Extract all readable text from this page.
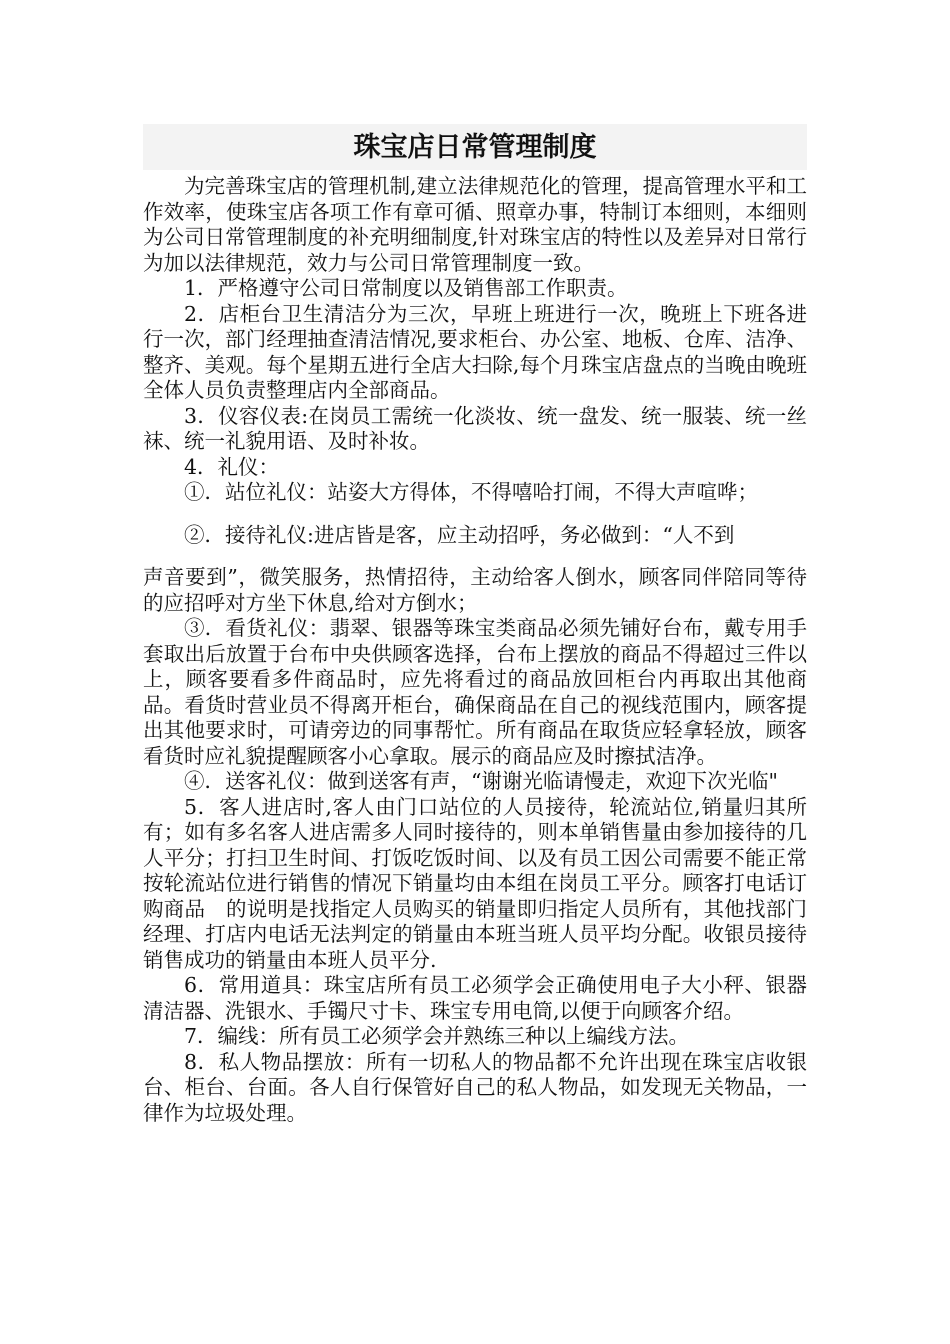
珠宝店日常管理制度

为完善珠宝店的管理机制,建立法律规范化的管理，提高管理水平和工作效率，使珠宝店各项工作有章可循、照章办事，特制订本细则，本细则为公司日常管理制度的补充明细制度,针对珠宝店的特性以及差异对日常行为加以法律规范，效力与公司日常管理制度一致。

1．严格遵守公司日常制度以及销售部工作职责。

2．店柜台卫生清洁分为三次，早班上班进行一次，晚班上下班各进行一次，部门经理抽查清洁情况,要求柜台、办公室、地板、仓库、洁净、整齐、美观。每个星期五进行全店大扫除,每个月珠宝店盘点的当晚由晚班全体人员负责整理店内全部商品。

3．仪容仪表:在岗员工需统一化淡妆、统一盘发、统一服装、统一丝袜、统一礼貌用语、及时补妆。

4．礼仪：

①．站位礼仪：站姿大方得体，不得嘻哈打闹，不得大声喧哗；

②．接待礼仪:进店皆是客，应主动招呼，务必做到：“人不到

声音要到”，微笑服务，热情招待，主动给客人倒水，顾客同伴陪同等待的应招呼对方坐下休息,给对方倒水；

③．看货礼仪：翡翠、银器等珠宝类商品必须先铺好台布，戴专用手套取出后放置于台布中央供顾客选择，台布上摆放的商品不得超过三件以上，顾客要看多件商品时，应先将看过的商品放回柜台内再取出其他商品。看货时营业员不得离开柜台，确保商品在自己的视线范围内，顾客提出其他要求时，可请旁边的同事帮忙。所有商品在取货应轻拿轻放，顾客看货时应礼貌提醒顾客小心拿取。展示的商品应及时擦拭洁净。

④．送客礼仪：做到送客有声，“谢谢光临请慢走，欢迎下次光临"

5．客人进店时,客人由门口站位的人员接待，轮流站位,销量归其所有；如有多名客人进店需多人同时接待的，则本单销售量由参加接待的几人平分；打扫卫生时间、打饭吃饭时间、以及有员工因公司需要不能正常按轮流站位进行销售的情况下销量均由本组在岗员工平分。顾客打电话订购商品　的说明是找指定人员购买的销量即归指定人员所有，其他找部门经理、打店内电话无法判定的销量由本班当班人员平均分配。收银员接待销售成功的销量由本班人员平分.

6．常用道具：珠宝店所有员工必须学会正确使用电子大小秤、银器清洁器、洗银水、手镯尺寸卡、珠宝专用电筒,以便于向顾客介绍。

7．编线：所有员工必须学会并熟练三种以上编线方法。

8．私人物品摆放：所有一切私人的物品都不允许出现在珠宝店收银台、柜台、台面。各人自行保管好自己的私人物品，如发现无关物品，一律作为垃圾处理。
